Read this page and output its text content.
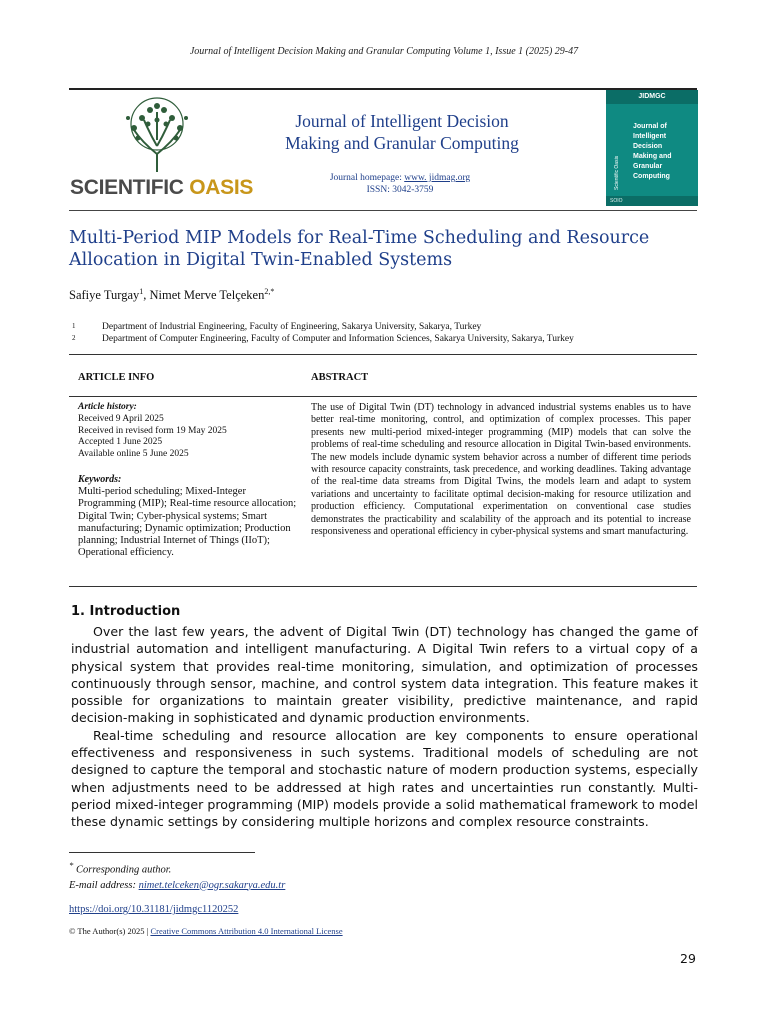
Journal of Intelligent Decision Making and Granular Computing Volume 1, Issue 1 (2025) 29-47
SCIENTIFIC OASIS
Journal of Intelligent Decision
Making and Granular Computing
Journal homepage: www. jidmag.org
ISSN: 3042-3759
JIDMGC
Scientific Oasis
Journal of
Intelligent
Decision
Making and
Granular
Computing
SOIO
Multi-Period MIP Models for Real-Time Scheduling and Resource Allocation in Digital Twin-Enabled Systems
Safiye Turgay$^1$, Nimet Merve Telçeken$^{2,*}$
1	Department of Industrial Engineering, Faculty of Engineering, Sakarya University, Sakarya, Turkey
2	Department of Computer Engineering, Faculty of Computer and Information Sciences, Sakarya University, Sakarya, Turkey
ARTICLE INFO	ABSTRACT
Article history:
Received 9 April 2025
Received in revised form 19 May 2025
Accepted 1 June 2025
Available online 5 June 2025
Keywords:
Multi-period scheduling; Mixed-Integer Programming (MIP); Real-time resource allocation; Digital Twin; Cyber-physical systems; Smart manufacturing; Dynamic optimization; Production planning; Industrial Internet of Things (IIoT); Operational efficiency.
The use of Digital Twin (DT) technology in advanced industrial systems enables us to have better real-time monitoring, control, and optimization of complex processes. This paper presents new multi-period mixed-integer programming (MIP) models that can solve the problems of real-time scheduling and resource allocation in Digital Twin-based environments. The new models include dynamic system behavior across a number of different time periods with resource capacity constraints, task precedence, and working deadlines. Taking advantage of the real-time data streams from Digital Twins, the models learn and adapt to system variations and uncertainty to facilitate optimal decision-making for resource utilization and production efficiency. Computational experimentation on conventional case studies demonstrates the practicability and scalability of the approach and its potential to increase responsiveness and operational efficiency in cyber-physical systems and smart manufacturing.
1. Introduction

Over the last few years, the advent of Digital Twin (DT) technology has changed the game of industrial automation and intelligent manufacturing. A Digital Twin refers to a virtual copy of a physical system that provides real-time monitoring, simulation, and optimization of processes continuously through sensor, machine, and control system data integration. This feature makes it possible for organizations to maintain greater visibility, predictive maintenance, and rapid decision-making in sophisticated and dynamic production environments.

Real-time scheduling and resource allocation are key components to ensure operational effectiveness and responsiveness in such systems. Traditional models of scheduling are not designed to capture the temporal and stochastic nature of modern production systems, especially when adjustments need to be addressed at high rates and uncertainties run constantly. Multi-period mixed-integer programming (MIP) models provide a solid mathematical framework to model these dynamic settings by considering multiple horizons and complex resource constraints.

* Corresponding author.
E-mail address: nimet.telceken@ogr.sakarya.edu.tr
https://doi.org/10.31181/jidmgc1120252
© The Author(s) 2025 | Creative Commons Attribution 4.0 International License
29
